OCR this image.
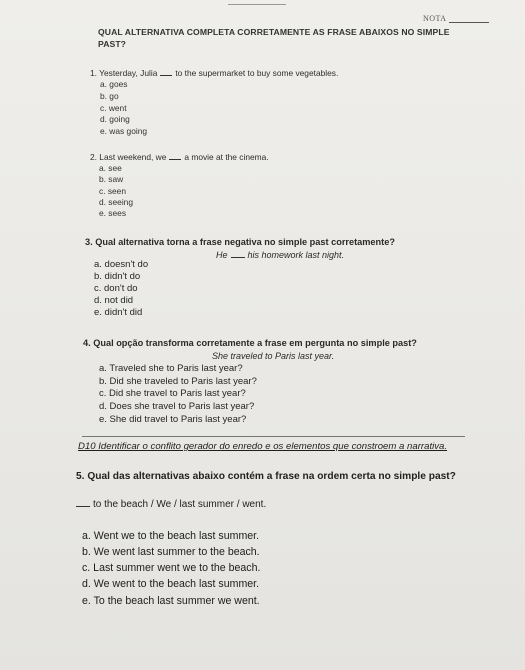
NOTA
QUAL ALTERNATIVA COMPLETA CORRETAMENTE AS FRASE ABAIXOS NO SIMPLE
PAST?
1. Yesterday, Julia to the supermarket to buy some vegetables.
a. goes
b. go
c. went
d. going
e. was going
2. Last weekend, we a movie at the cinema.
a. see
b. saw
c. seen
d. seeing
e. sees
3. Qual alternativa torna a frase negativa no simple past corretamente?
He his homework last night.
a. doesn't do
b. didn't do
c. don't do
d. not did
e. didn't did
4. Qual opção transforma corretamente a frase em pergunta no simple past?
She traveled to Paris last year.
a. Traveled she to Paris last year?
b. Did she traveled to Paris last year?
c. Did she travel to Paris last year?
d. Does she travel to Paris last year?
e. She did travel to Paris last year?
D10 Identificar o conflito gerador do enredo e os elementos que constroem a narrativa.
5. Qual das alternativas abaixo contém a frase na ordem certa no simple past?
to the beach / We / last summer / went.
a. Went we to the beach last summer.
b. We went last summer to the beach.
c. Last summer went we to the beach.
d. We went to the beach last summer.
e. To the beach last summer we went.
